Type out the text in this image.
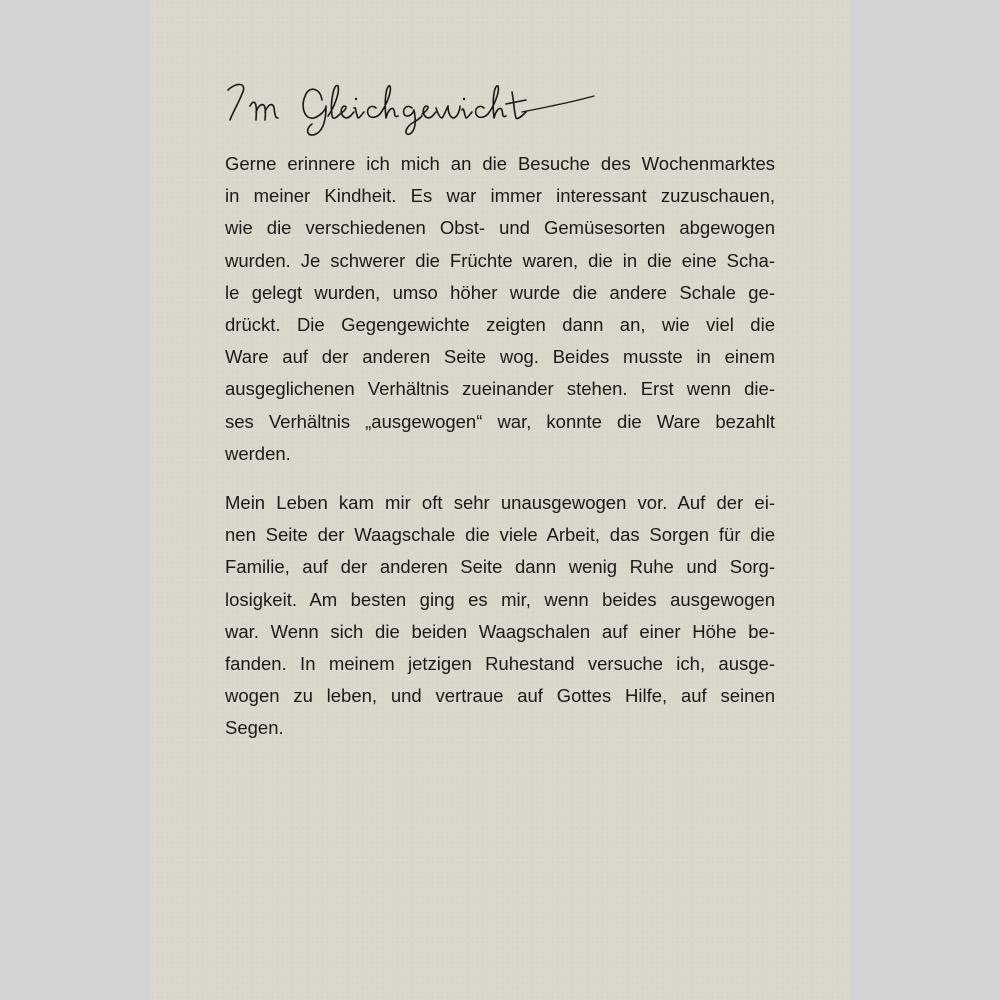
Gerne erinnere ich mich an die Besuche des Wochenmarktes
in meiner Kindheit. Es war immer interessant zuzuschauen,
wie die verschiedenen Obst- und Gemüsesorten abgewogen
wurden. Je schwerer die Früchte waren, die in die eine Scha-
le gelegt wurden, umso höher wurde die andere Schale ge-
drückt. Die Gegengewichte zeigten dann an, wie viel die
Ware auf der anderen Seite wog. Beides musste in einem
ausgeglichenen Verhältnis zueinander stehen. Erst wenn die-
ses Verhältnis „ausgewogen“ war, konnte die Ware bezahlt
werden.

Mein Leben kam mir oft sehr unausgewogen vor. Auf der ei-
nen Seite der Waagschale die viele Arbeit, das Sorgen für die
Familie, auf der anderen Seite dann wenig Ruhe und Sorg-
losigkeit. Am besten ging es mir, wenn beides ausgewogen
war. Wenn sich die beiden Waagschalen auf einer Höhe be-
fanden. In meinem jetzigen Ruhestand versuche ich, ausge-
wogen zu leben, und vertraue auf Gottes Hilfe, auf seinen
Segen.
